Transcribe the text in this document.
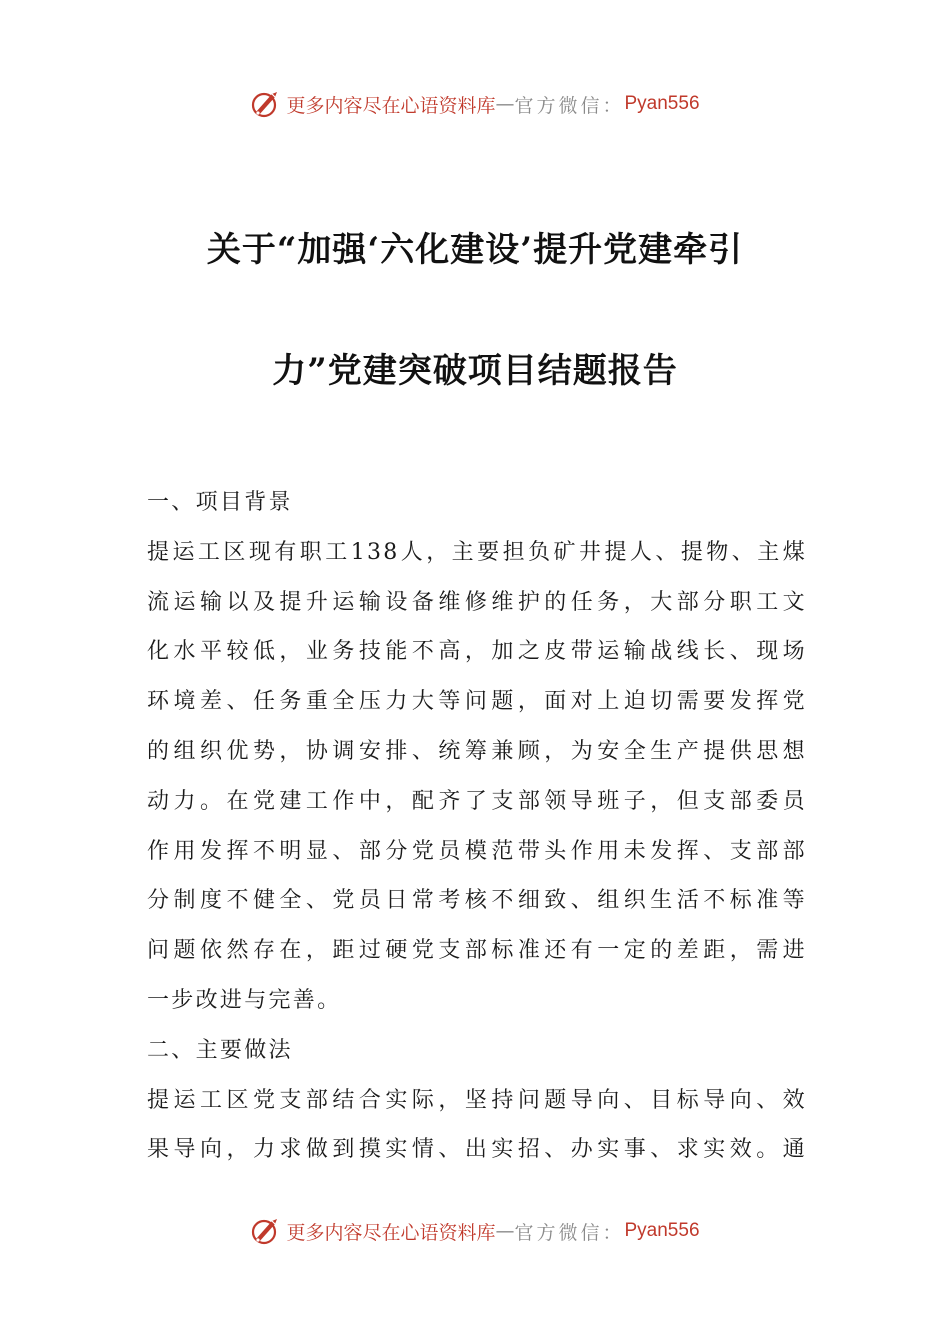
更多内容尽在心语资料库 — 官方微信： Pyan556
关于“加强‘六化建设’提升党建牵引
力”党建突破项目结题报告
一、项目背景
提运工区现有职工138人，主要担负矿井提人、提物、主煤
流运输以及提升运输设备维修维护的任务，大部分职工文
化水平较低，业务技能不高，加之皮带运输战线长、现场
环境差、任务重全压力大等问题，面对上迫切需要发挥党
的组织优势，协调安排、统筹兼顾，为安全生产提供思想
动力。在党建工作中，配齐了支部领导班子，但支部委员
作用发挥不明显、部分党员模范带头作用未发挥、支部部
分制度不健全、党员日常考核不细致、组织生活不标准等
问题依然存在，距过硬党支部标准还有一定的差距，需进
一步改进与完善。
二、主要做法
提运工区党支部结合实际，坚持问题导向、目标导向、效
果导向，力求做到摸实情、出实招、办实事、求实效。通
更多内容尽在心语资料库 — 官方微信： Pyan556
